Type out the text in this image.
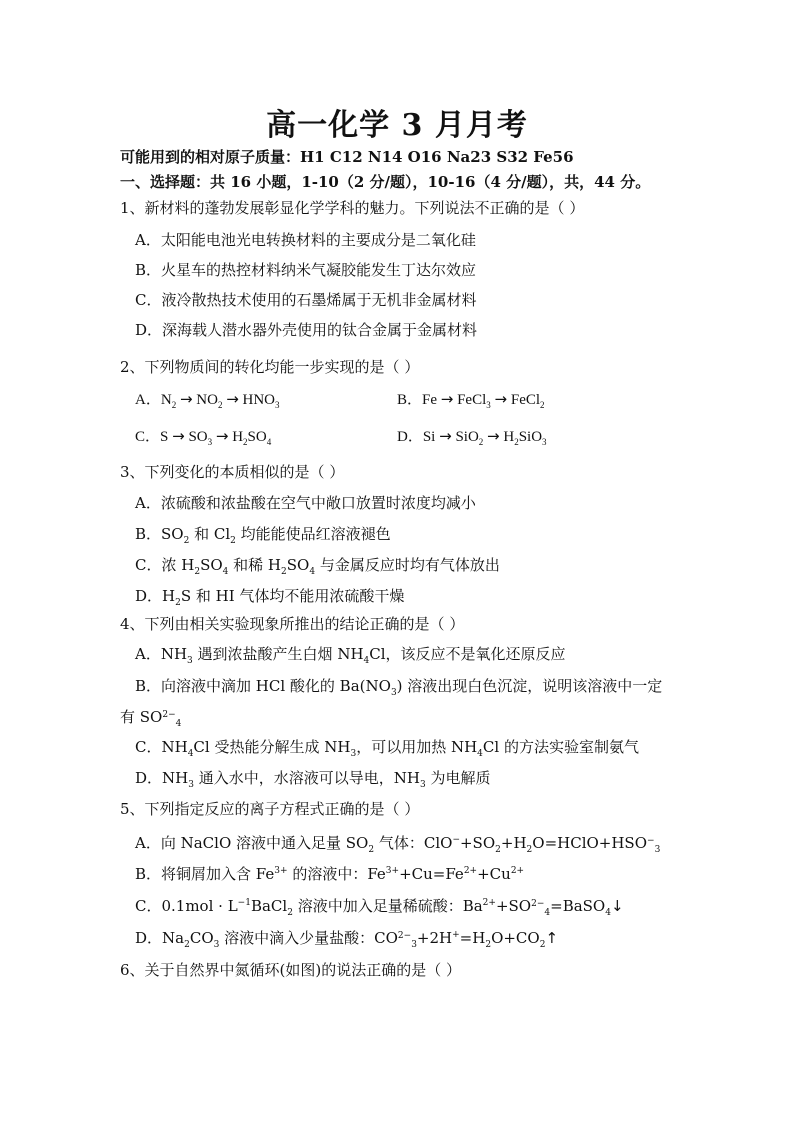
高一化学 3 月月考
可能用到的相对原子质量：H1 C12 N14 O16 Na23 S32 Fe56
一、选择题：共 16 小题，1-10（2 分/题），10-16（4 分/题），共，44 分。
1、新材料的蓬勃发展彰显化学学科的魅力。下列说法不正确的是（ ）
A．太阳能电池光电转换材料的主要成分是二氧化硅
B．火星车的热控材料纳米气凝胶能发生丁达尔效应
C．液冷散热技术使用的石墨烯属于无机非金属材料
D．深海载人潜水器外壳使用的钛合金属于金属材料
2、下列物质间的转化均能一步实现的是（ ）
A．$N_2 \to NO_2 \to HNO_3$	B．Fe → FeCl$_3$ → FeCl$_2$
C．$S \to SO_3 \to H_2SO_4$	D．$Si \to SiO_2 \to H_2SiO_3$
3、下列变化的本质相似的是（ ）
A．浓硫酸和浓盐酸在空气中敞口放置时浓度均减小
B．$SO_2$ 和 $Cl_2$ 均能能使品红溶液褪色
C．浓 $H_2SO_4$ 和稀 $H_2SO_4$ 与金属反应时均有气体放出
D．$H_2S$ 和 HI 气体均不能用浓硫酸干燥
4、下列由相关实验现象所推出的结论正确的是（ ）
A．$NH_3$ 遇到浓盐酸产生白烟 $NH_4Cl$，该反应不是氧化还原反应
B．向溶液中滴加 HCl 酸化的 $Ba(NO_3)$ 溶液出现白色沉淀，说明该溶液中一定
有 $SO_{2-4}$
C．$NH_4Cl$ 受热能分解生成 $NH_3$，可以用加热 $NH_4Cl$ 的方法实验室制氨气
D．$NH_3$ 通入水中，水溶液可以导电，$NH_3$ 为电解质
5、下列指定反应的离子方程式正确的是（ ）
A．向 NaClO 溶液中通入足量 $SO_2$ 气体：$ClO^-+SO_2+H_2O=HClO+HSO_{-3}$
B．将铜屑加入含 $Fe^{3+}$ 的溶液中：$Fe^{3+}+Cu=Fe^{2+}+Cu^{2+}$
C．$0.1mol \cdot L^{-1}BaCl_2$ 溶液中加入足量稀硫酸：$Ba^{2+}+SO_{2-4}=BaSO_4↓$
D．$Na_2CO_3$ 溶液中滴入少量盐酸：$CO_{2-3}+2H^+=H_2O+CO_2↑$
6、关于自然界中氮循环(如图)的说法正确的是（ ）
